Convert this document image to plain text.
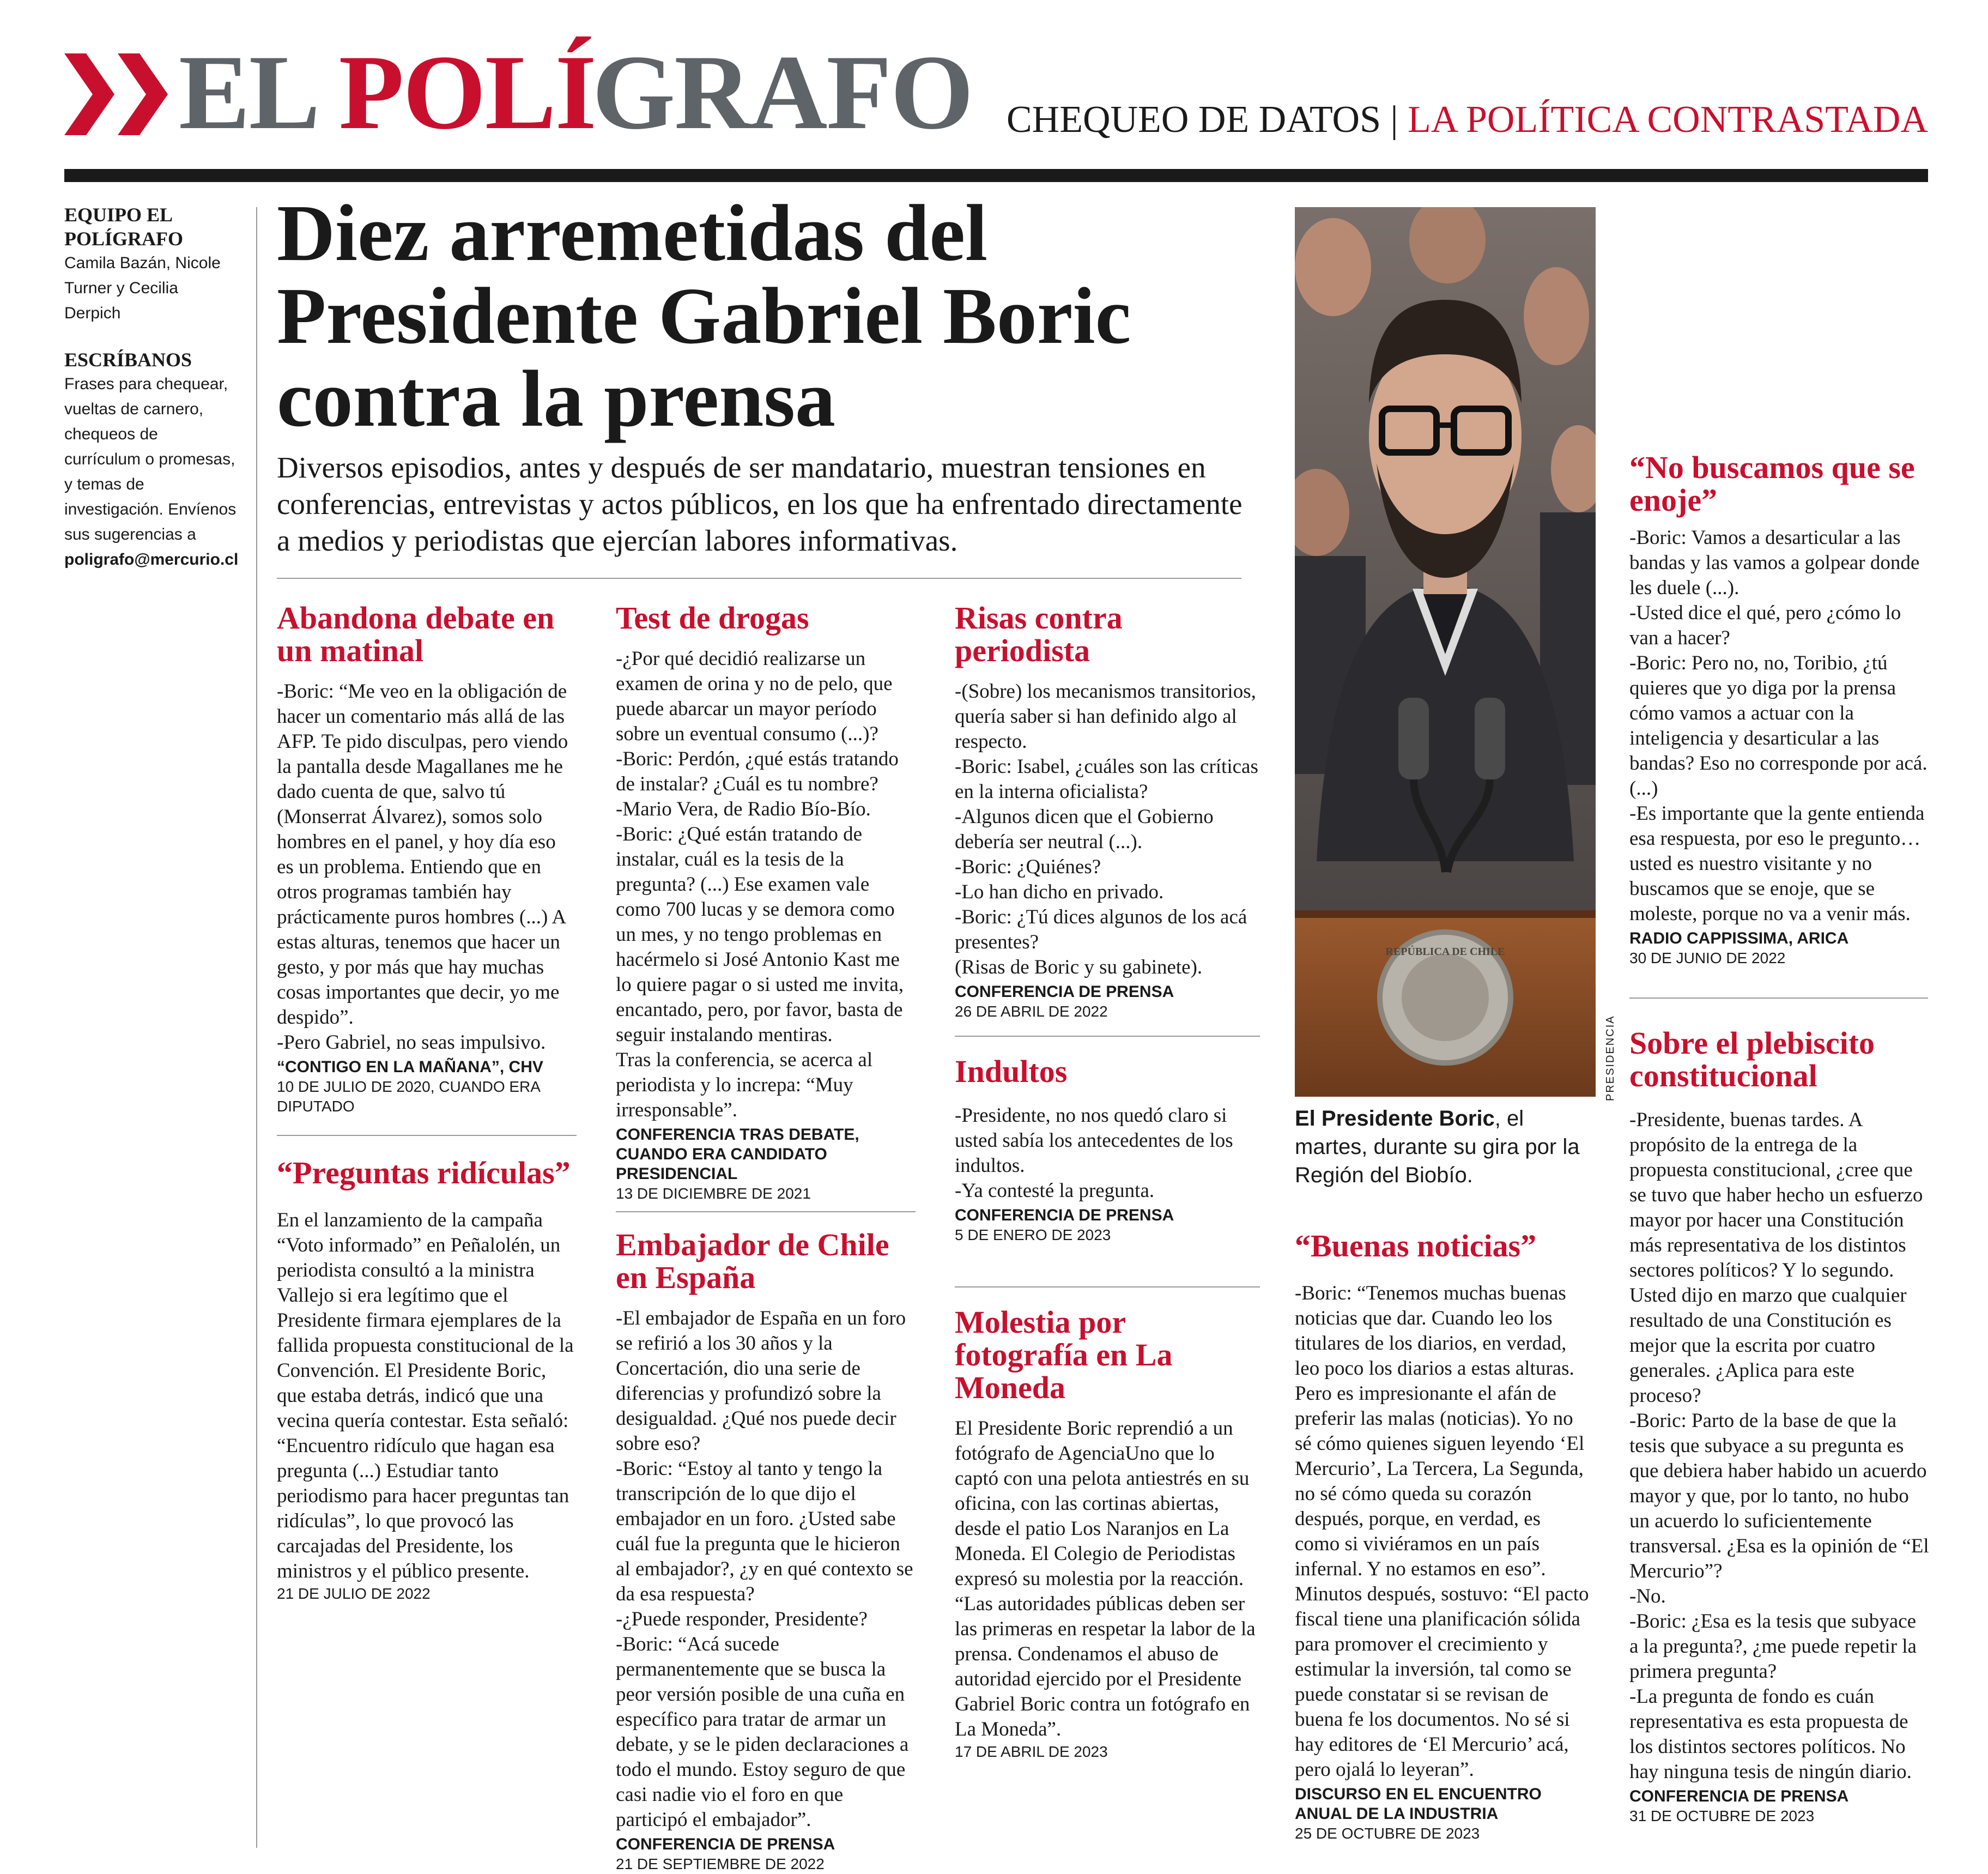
EL POLÍGRAFO CHEQUEO DE DATOS | LA POLÍTICA CONTRASTADA
EQUIPO EL POLÍGRAFO
Camila Bazán, Nicole Turner y Cecilia Derpich
ESCRÍBANOS
Frases para chequear, vueltas de carnero, chequeos de currículum o promesas, y temas de investigación. Envíenos sus sugerencias a
poligrafo@mercurio.cl
Diez arremetidas del Presidente Gabriel Boric contra la prensa

Diversos episodios, antes y después de ser mandatario, muestran tensiones en conferencias, entrevistas y actos públicos, en los que ha enfrentado directamente a medios y periodistas que ejercían labores informativas.

REPÚBLICA DE CHILE
PRESIDENCIA
El Presidente Boric, el martes, durante su gira por la Región del Biobío.
Abandona debate en un matinal
-Boric: “Me veo en la obligación de hacer un comentario más allá de las AFP. Te pido disculpas, pero viendo la pantalla desde Magallanes me he dado cuenta de que, salvo tú (Monserrat Álvarez), somos solo hombres en el panel, y hoy día eso es un problema. Entiendo que en otros programas también hay prácticamente puros hombres (...) A estas alturas, tenemos que hacer un gesto, y por más que hay muchas cosas importantes que decir, yo me despido”.
-Pero Gabriel, no seas impulsivo.
“CONTIGO EN LA MAÑANA”, CHV
10 DE JULIO DE 2020, CUANDO ERA DIPUTADO
“Preguntas ridículas”
En el lanzamiento de la campaña “Voto informado” en Peñalolén, un periodista consultó a la ministra Vallejo si era legítimo que el Presidente firmara ejemplares de la fallida propuesta constitucional de la Convención. El Presidente Boric, que estaba detrás, indicó que una vecina quería contestar. Esta señaló: “Encuentro ridículo que hagan esa pregunta (...) Estudiar tanto periodismo para hacer preguntas tan ridículas”, lo que provocó las carcajadas del Presidente, los ministros y el público presente.
21 DE JULIO DE 2022
Test de drogas
-¿Por qué decidió realizarse un examen de orina y no de pelo, que puede abarcar un mayor período sobre un eventual consumo (...)?
-Boric: Perdón, ¿qué estás tratando de instalar? ¿Cuál es tu nombre?
-Mario Vera, de Radio Bío-Bío.
-Boric: ¿Qué están tratando de instalar, cuál es la tesis de la pregunta? (...) Ese examen vale como 700 lucas y se demora como un mes, y no tengo problemas en hacérmelo si José Antonio Kast me lo quiere pagar o si usted me invita, encantado, pero, por favor, basta de seguir instalando mentiras.
Tras la conferencia, se acerca al periodista y lo increpa: “Muy irresponsable”.
CONFERENCIA TRAS DEBATE, CUANDO ERA CANDIDATO PRESIDENCIAL
13 DE DICIEMBRE DE 2021
Embajador de Chile en España
-El embajador de España en un foro se refirió a los 30 años y la Concertación, dio una serie de diferencias y profundizó sobre la desigualdad. ¿Qué nos puede decir sobre eso?
-Boric: “Estoy al tanto y tengo la transcripción de lo que dijo el embajador en un foro. ¿Usted sabe cuál fue la pregunta que le hicieron al embajador?, ¿y en qué contexto se da esa respuesta?
-¿Puede responder, Presidente?
-Boric: “Acá sucede permanentemente que se busca la peor versión posible de una cuña en específico para tratar de armar un debate, y se le piden declaraciones a todo el mundo. Estoy seguro de que casi nadie vio el foro en que participó el embajador”.
CONFERENCIA DE PRENSA
21 DE SEPTIEMBRE DE 2022
Risas contra periodista
-(Sobre) los mecanismos transitorios, quería saber si han definido algo al respecto.
-Boric: Isabel, ¿cuáles son las críticas en la interna oficialista?
-Algunos dicen que el Gobierno debería ser neutral (...).
-Boric: ¿Quiénes?
-Lo han dicho en privado.
-Boric: ¿Tú dices algunos de los acá presentes?
(Risas de Boric y su gabinete).
CONFERENCIA DE PRENSA
26 DE ABRIL DE 2022
Indultos
-Presidente, no nos quedó claro si usted sabía los antecedentes de los indultos.
-Ya contesté la pregunta.
CONFERENCIA DE PRENSA
5 DE ENERO DE 2023
Molestia por fotografía en La Moneda
El Presidente Boric reprendió a un fotógrafo de AgenciaUno que lo captó con una pelota antiestrés en su oficina, con las cortinas abiertas, desde el patio Los Naranjos en La Moneda. El Colegio de Periodistas expresó su molestia por la reacción. “Las autoridades públicas deben ser las primeras en respetar la labor de la prensa. Condenamos el abuso de autoridad ejercido por el Presidente Gabriel Boric contra un fotógrafo en La Moneda”.
17 DE ABRIL DE 2023
“Buenas noticias”
-Boric: “Tenemos muchas buenas noticias que dar. Cuando leo los titulares de los diarios, en verdad, leo poco los diarios a estas alturas. Pero es impresionante el afán de preferir las malas (noticias). Yo no sé cómo quienes siguen leyendo ‘El Mercurio’, La Tercera, La Segunda, no sé cómo queda su corazón después, porque, en verdad, es como si viviéramos en un país infernal. Y no estamos en eso”.
Minutos después, sostuvo: “El pacto fiscal tiene una planificación sólida para promover el crecimiento y estimular la inversión, tal como se puede constatar si se revisan de buena fe los documentos. No sé si hay editores de ‘El Mercurio’ acá, pero ojalá lo leyeran”.
DISCURSO EN EL ENCUENTRO ANUAL DE LA INDUSTRIA
25 DE OCTUBRE DE 2023
“No buscamos que se enoje”
-Boric: Vamos a desarticular a las bandas y las vamos a golpear donde les duele (...).
-Usted dice el qué, pero ¿cómo lo van a hacer?
-Boric: Pero no, no, Toribio, ¿tú quieres que yo diga por la prensa cómo vamos a actuar con la inteligencia y desarticular a las bandas? Eso no corresponde por acá.
(...)
-Es importante que la gente entienda esa respuesta, por eso le pregunto… usted es nuestro visitante y no buscamos que se enoje, que se moleste, porque no va a venir más.
RADIO CAPPISSIMA, ARICA
30 DE JUNIO DE 2022
Sobre el plebiscito constitucional
-Presidente, buenas tardes. A propósito de la entrega de la propuesta constitucional, ¿cree que se tuvo que haber hecho un esfuerzo mayor por hacer una Constitución más representativa de los distintos sectores políticos? Y lo segundo. Usted dijo en marzo que cualquier resultado de una Constitución es mejor que la escrita por cuatro generales. ¿Aplica para este proceso?
-Boric: Parto de la base de que la tesis que subyace a su pregunta es que debiera haber habido un acuerdo mayor y que, por lo tanto, no hubo un acuerdo lo suficientemente transversal. ¿Esa es la opinión de “El Mercurio”?
-No.
-Boric: ¿Esa es la tesis que subyace a la pregunta?, ¿me puede repetir la primera pregunta?
-La pregunta de fondo es cuán representativa es esta propuesta de los distintos sectores políticos. No hay ninguna tesis de ningún diario.
CONFERENCIA DE PRENSA
31 DE OCTUBRE DE 2023
